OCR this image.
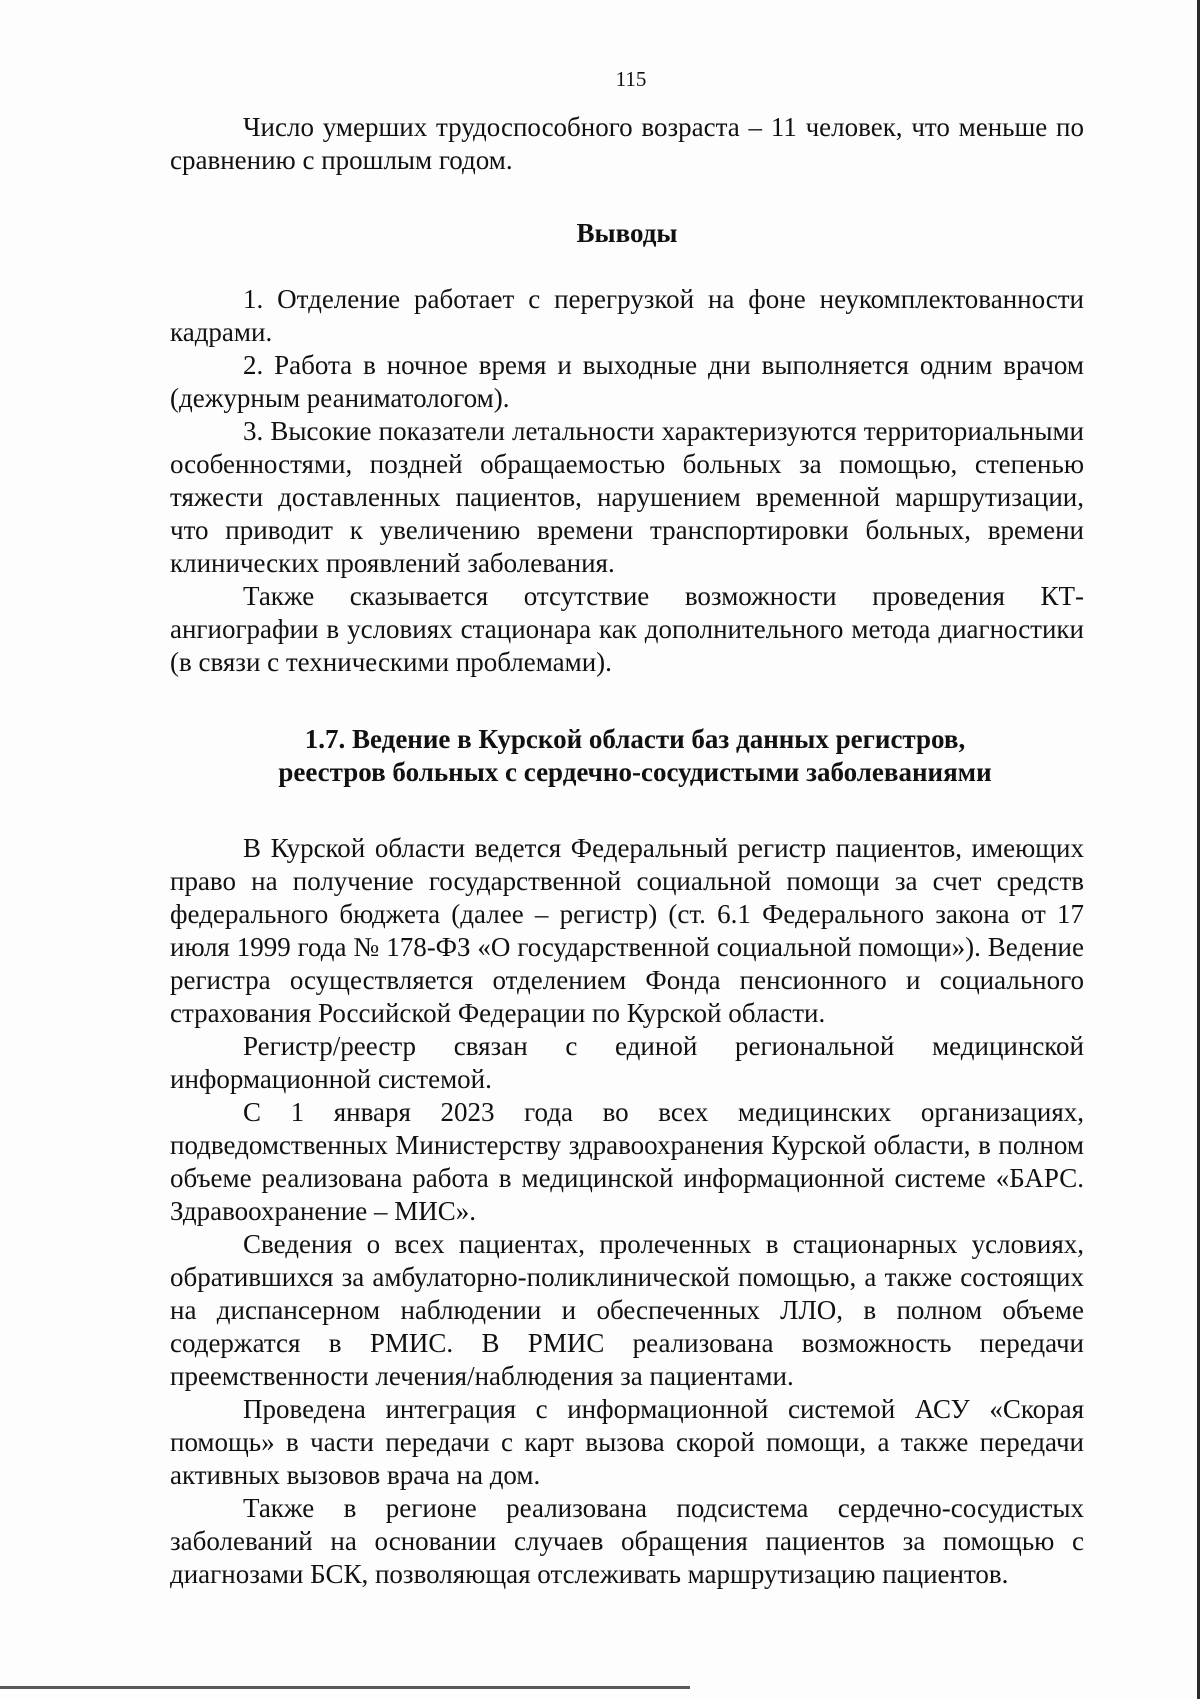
115

Число умерших трудоспособного возраста – 11 человек, что меньше по сравнению с прошлым годом.

Выводы

1. Отделение работает с перегрузкой на фоне неукомплектованности кадрами.

2. Работа в ночное время и выходные дни выполняется одним врачом (дежурным реаниматологом).

3. Высокие показатели летальности характеризуются территориальными особенностями, поздней обращаемостью больных за помощью, степенью тяжести доставленных пациентов, нарушением временной маршрутизации, что приводит к увеличению времени транспортировки больных, времени клинических проявлений заболевания.

Также сказывается отсутствие возможности проведения КТ-ангиографии в условиях стационара как дополнительного метода диагностики (в связи с техническими проблемами).

1.7. Ведение в Курской области баз данных регистров,
реестров больных с сердечно-сосудистыми заболеваниями

В Курской области ведется Федеральный регистр пациентов, имеющих право на получение государственной социальной помощи за счет средств федерального бюджета (далее – регистр) (ст. 6.1 Федерального закона от 17 июля 1999 года № 178-ФЗ «О государственной социальной помощи»). Ведение регистра осуществляется отделением Фонда пенсионного и социального страхования Российской Федерации по Курской области.

Регистр/реестр связан с единой региональной медицинской информационной системой.

С 1 января 2023 года во всех медицинских организациях, подведомственных Министерству здравоохранения Курской области, в полном объеме реализована работа в медицинской информационной системе «БАРС. Здравоохранение – МИС».

Сведения о всех пациентах, пролеченных в стационарных условиях, обратившихся за амбулаторно-поликлинической помощью, а также состоящих на диспансерном наблюдении и обеспеченных ЛЛО, в полном объеме содержатся в РМИС. В РМИС реализована возможность передачи преемственности лечения/наблюдения за пациентами.

Проведена интеграция с информационной системой АСУ «Скорая помощь» в части передачи с карт вызова скорой помощи, а также передачи активных вызовов врача на дом.

Также в регионе реализована подсистема сердечно-сосудистых заболеваний на основании случаев обращения пациентов за помощью с диагнозами БСК, позволяющая отслеживать маршрутизацию пациентов.
